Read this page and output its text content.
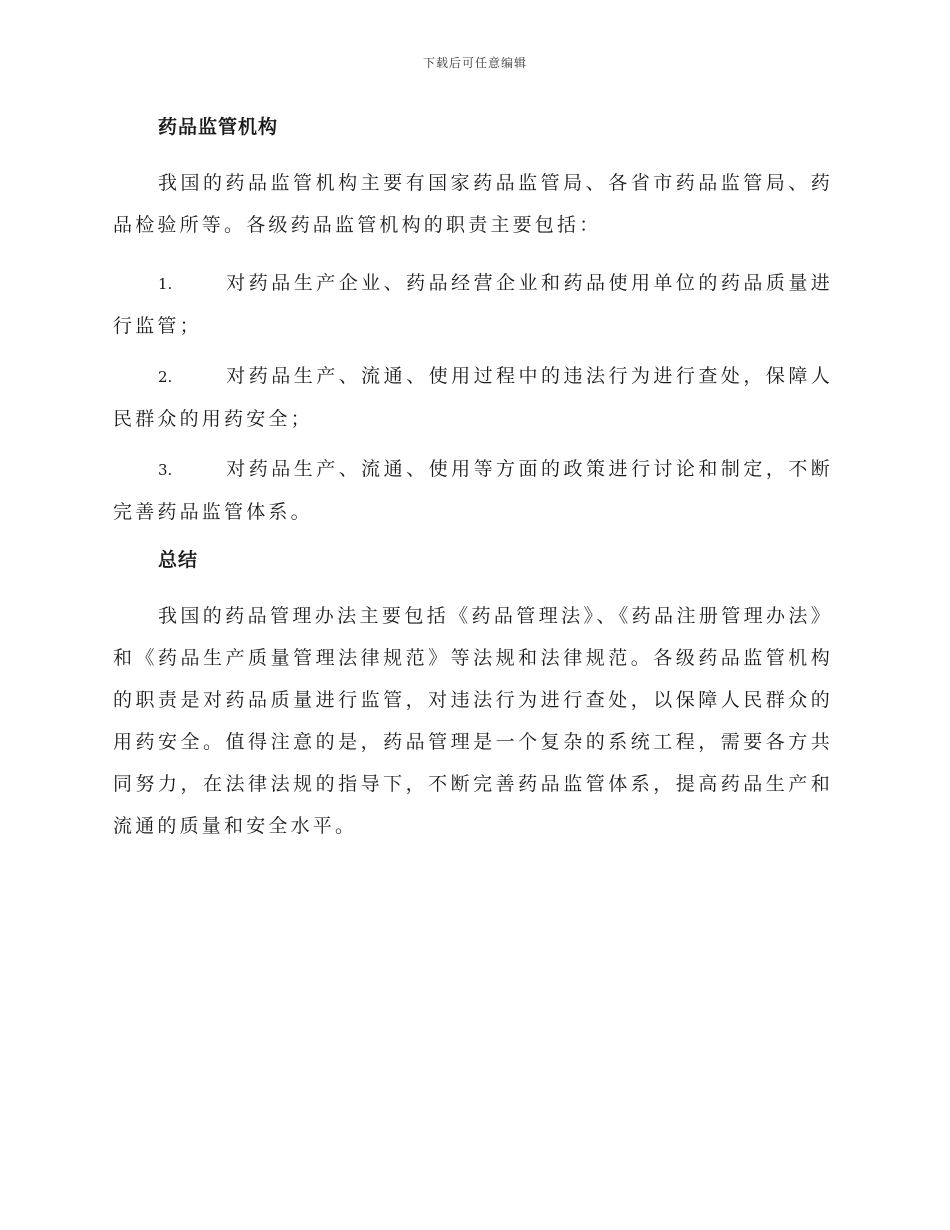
下载后可任意编辑
药品监管机构

我国的药品监管机构主要有国家药品监管局、各省市药品监管局、药品检验所等。各级药品监管机构的职责主要包括：

1.	对药品生产企业、药品经营企业和药品使用单位的药品质量进行监管；

2.	对药品生产、流通、使用过程中的违法行为进行查处，保障人民群众的用药安全；

3.	对药品生产、流通、使用等方面的政策进行讨论和制定，不断完善药品监管体系。

总结

我国的药品管理办法主要包括《药品管理法》、《药品注册管理办法》和《药品生产质量管理法律规范》等法规和法律规范。各级药品监管机构的职责是对药品质量进行监管，对违法行为进行查处，以保障人民群众的用药安全。值得注意的是，药品管理是一个复杂的系统工程，需要各方共同努力，在法律法规的指导下，不断完善药品监管体系，提高药品生产和流通的质量和安全水平。
